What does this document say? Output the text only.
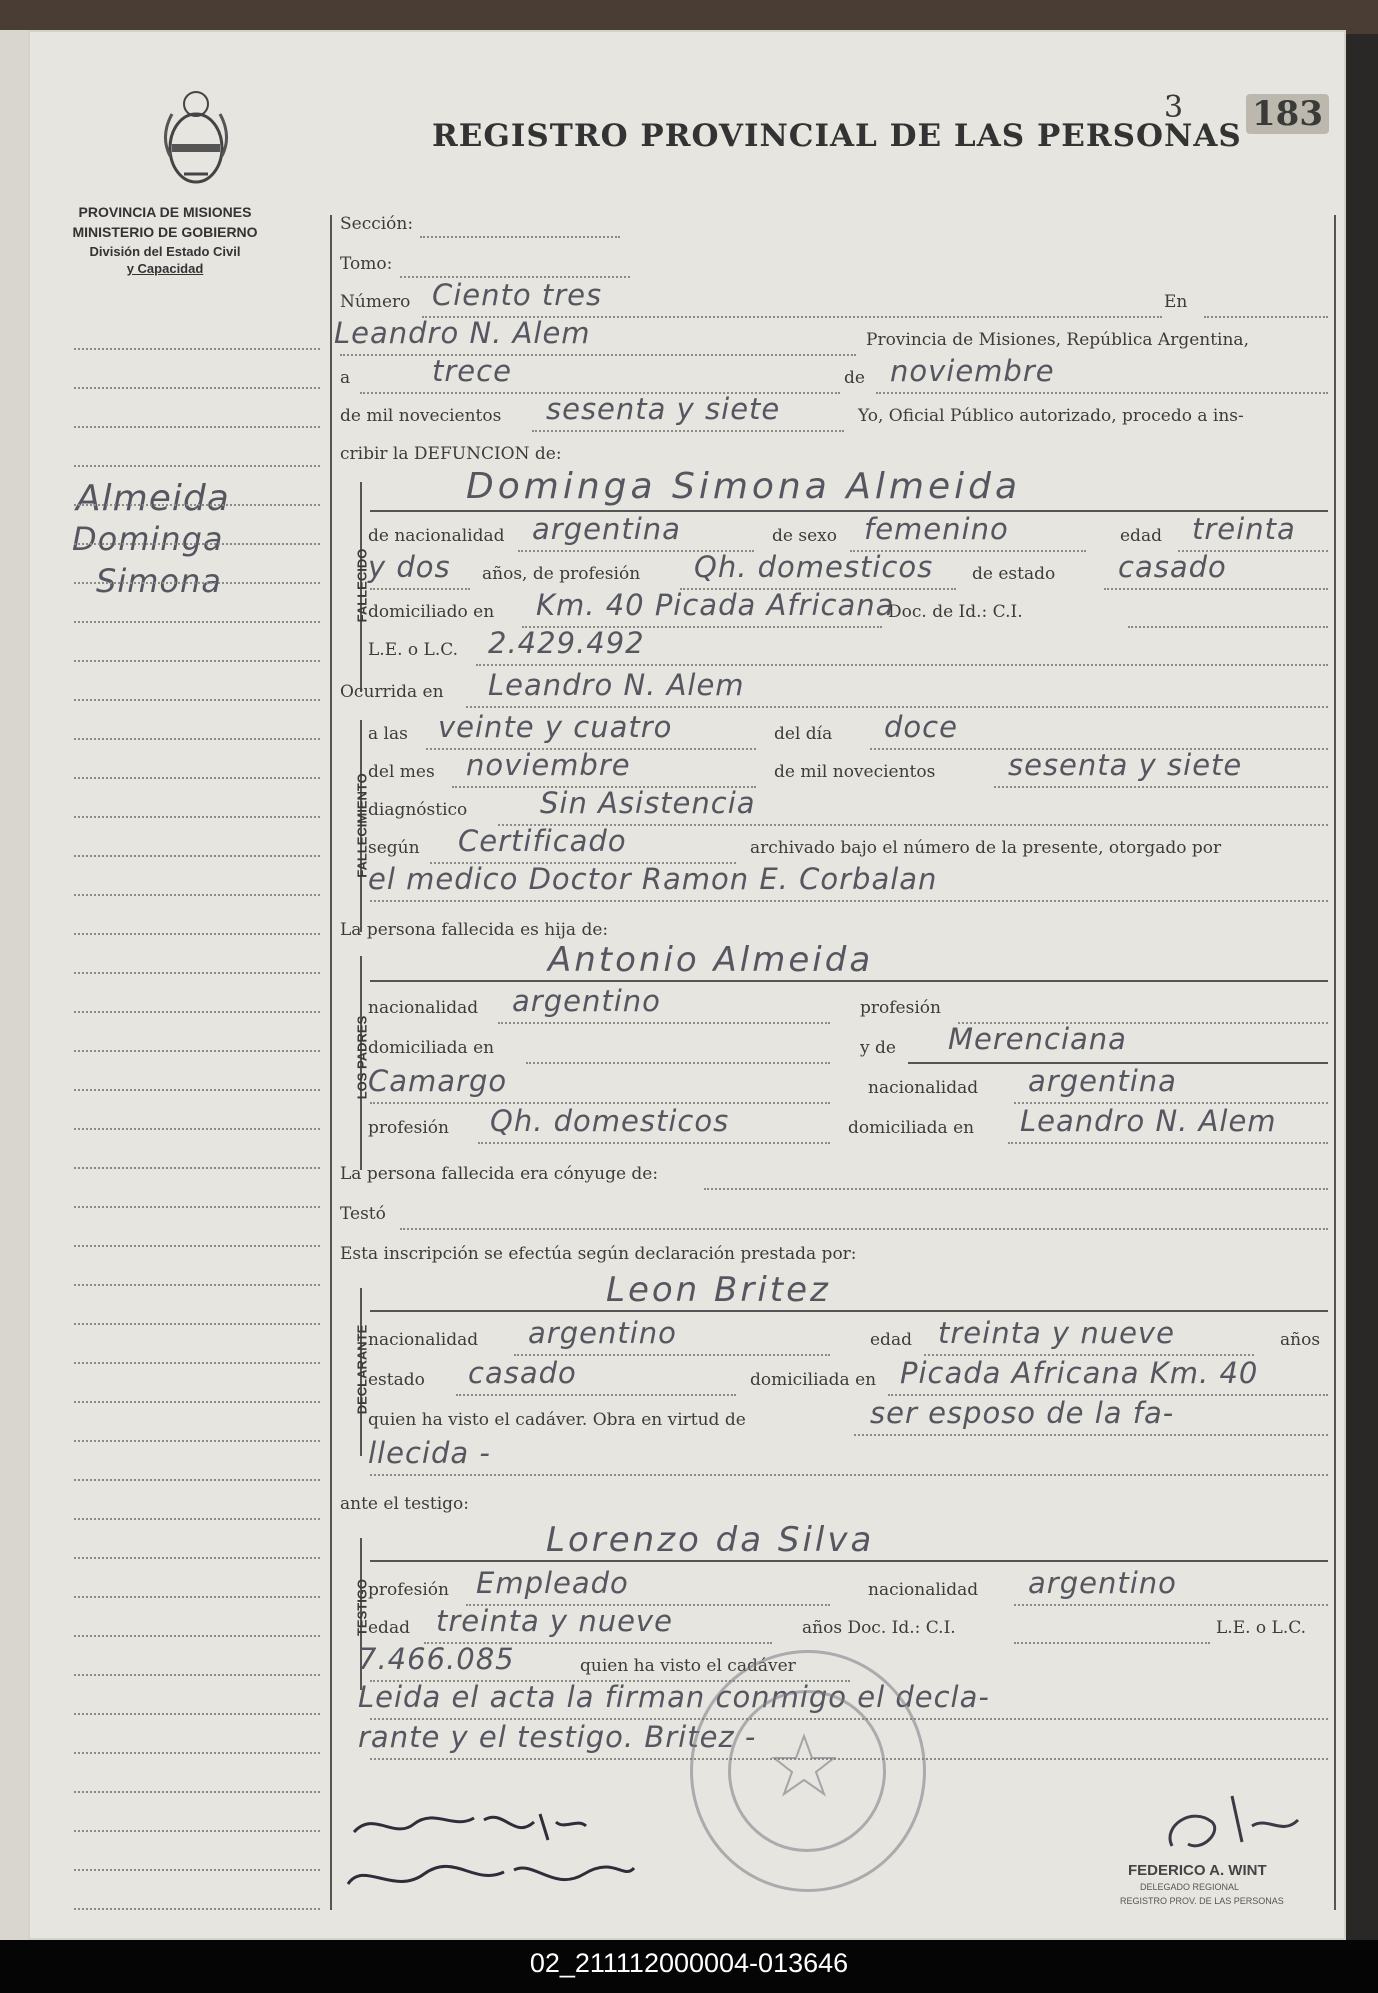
PROVINCIA DE MISIONES
MINISTERIO DE GOBIERNO
División del Estado Civil
y Capacidad
REGISTRO PROVINCIAL DE LAS PERSONAS
3 183
Almeida
Dominga
Simona
Sección:
Tomo:
Número Ciento tres	En
Leandro N. Alem	Provincia de Misiones, República Argentina,
a	trece	de noviembre
de mil novecientos sesenta y siete	Yo, Oficial Público autorizado, procedo a ins-
cribir la DEFUNCION de:
FALLECIDO
Dominga Simona Almeida
de nacionalidad argentina	de sexo femenino	edad treinta
y dos años, de profesión Qh. domesticos de estado casado
domiciliado en Km. 40 Picada Africana
Doc. de Id.: C.I.
L.E. o L.C. 2.429.492
Ocurrida en Leandro N. Alem
FALLECIMIENTO
a las veinte y cuatro	del día doce
del mes noviembre	de mil novecientos	sesenta y siete
diagnóstico	Sin Asistencia
según Certificado	archivado bajo el número de la presente, otorgado por
el medico Doctor Ramon E. Corbalan
La persona fallecida es hija de:
LOS PADRES
Antonio Almeida
nacionalidad argentino	profesión
domiciliada en	y de Merenciana
Camargo	nacionalidad argentina
profesión Qh. domesticos	domiciliada en Leandro N. Alem
La persona fallecida era cónyuge de:
Testó
Esta inscripción se efectúa según declaración prestada por:
DECLARANTE
Leon Britez
nacionalidad argentino	edad treinta y nueve	años
estado casado	domiciliada en Picada Africana Km. 40
quien ha visto el cadáver. Obra en virtud de	ser esposo de la fa-
llecida -
ante el testigo:
TESTIGO
Lorenzo da Silva
profesión Empleado	nacionalidad argentino
edad treinta y nueve	años Doc. Id.: C.I.	L.E. o L.C.
7.466.085	quien ha visto el cadáver
Leida el acta la firman conmigo el decla-
rante y el testigo. Britez -
FEDERICO A. WINT
DELEGADO REGIONAL
REGISTRO PROV. DE LAS PERSONAS
02_211112000004-013646
